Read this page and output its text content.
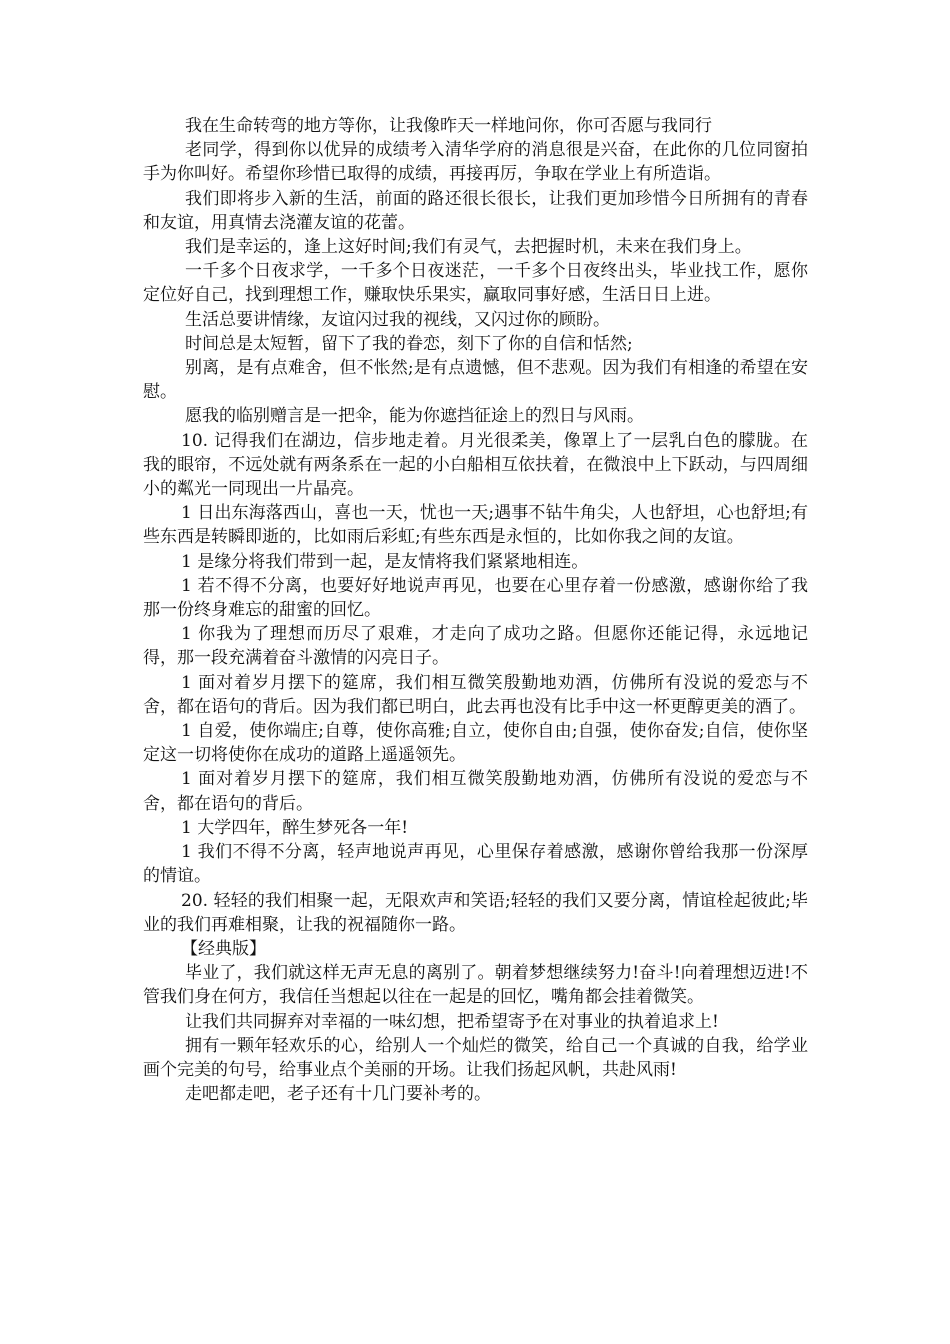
我在生命转弯的地方等你，让我像昨天一样地问你，你可否愿与我同行

老同学，得到你以优异的成绩考入清华学府的消息很是兴奋，在此你的几位同窗拍手为你叫好。希望你珍惜已取得的成绩，再接再厉，争取在学业上有所造诣。

我们即将步入新的生活，前面的路还很长很长，让我们更加珍惜今日所拥有的青春和友谊，用真情去浇灌友谊的花蕾。

我们是幸运的，逢上这好时间;我们有灵气，去把握时机，未来在我们身上。

一千多个日夜求学，一千多个日夜迷茫，一千多个日夜终出头，毕业找工作，愿你定位好自己，找到理想工作，赚取快乐果实，赢取同事好感，生活日日上进。

生活总要讲情缘，友谊闪过我的视线，又闪过你的顾盼。

时间总是太短暂，留下了我的眷恋，刻下了你的自信和恬然;

别离，是有点难舍，但不怅然;是有点遗憾，但不悲观。因为我们有相逢的希望在安慰。

愿我的临别赠言是一把伞，能为你遮挡征途上的烈日与风雨。

10. 记得我们在湖边，信步地走着。月光很柔美，像罩上了一层乳白色的朦胧。在我的眼帘，不远处就有两条系在一起的小白船相互依扶着，在微浪中上下跃动，与四周细小的粼光一同现出一片晶亮。

1 日出东海落西山，喜也一天，忧也一天;遇事不钻牛角尖，人也舒坦，心也舒坦;有些东西是转瞬即逝的，比如雨后彩虹;有些东西是永恒的，比如你我之间的友谊。

1 是缘分将我们带到一起，是友情将我们紧紧地相连。

1 若不得不分离，也要好好地说声再见，也要在心里存着一份感激，感谢你给了我那一份终身难忘的甜蜜的回忆。

1 你我为了理想而历尽了艰难，才走向了成功之路。但愿你还能记得，永远地记得，那一段充满着奋斗激情的闪亮日子。

1 面对着岁月摆下的筵席，我们相互微笑殷勤地劝酒，仿佛所有没说的爱恋与不舍，都在语句的背后。因为我们都已明白，此去再也没有比手中这一杯更醇更美的酒了。

1 自爱，使你端庄;自尊，使你高雅;自立，使你自由;自强，使你奋发;自信，使你坚定这一切将使你在成功的道路上遥遥领先。

1 面对着岁月摆下的筵席，我们相互微笑殷勤地劝酒，仿佛所有没说的爱恋与不舍，都在语句的背后。

1 大学四年，醉生梦死各一年!

1 我们不得不分离，轻声地说声再见，心里保存着感激，感谢你曾给我那一份深厚的情谊。

20. 轻轻的我们相聚一起，无限欢声和笑语;轻轻的我们又要分离，情谊栓起彼此;毕业的我们再难相聚，让我的祝福随你一路。

【经典版】

毕业了，我们就这样无声无息的离别了。朝着梦想继续努力!奋斗!向着理想迈进!不管我们身在何方，我信任当想起以往在一起是的回忆，嘴角都会挂着微笑。

让我们共同摒弃对幸福的一味幻想，把希望寄予在对事业的执着追求上!

拥有一颗年轻欢乐的心，给别人一个灿烂的微笑，给自己一个真诚的自我，给学业画个完美的句号，给事业点个美丽的开场。让我们扬起风帆，共赴风雨!

走吧都走吧，老子还有十几门要补考的。
